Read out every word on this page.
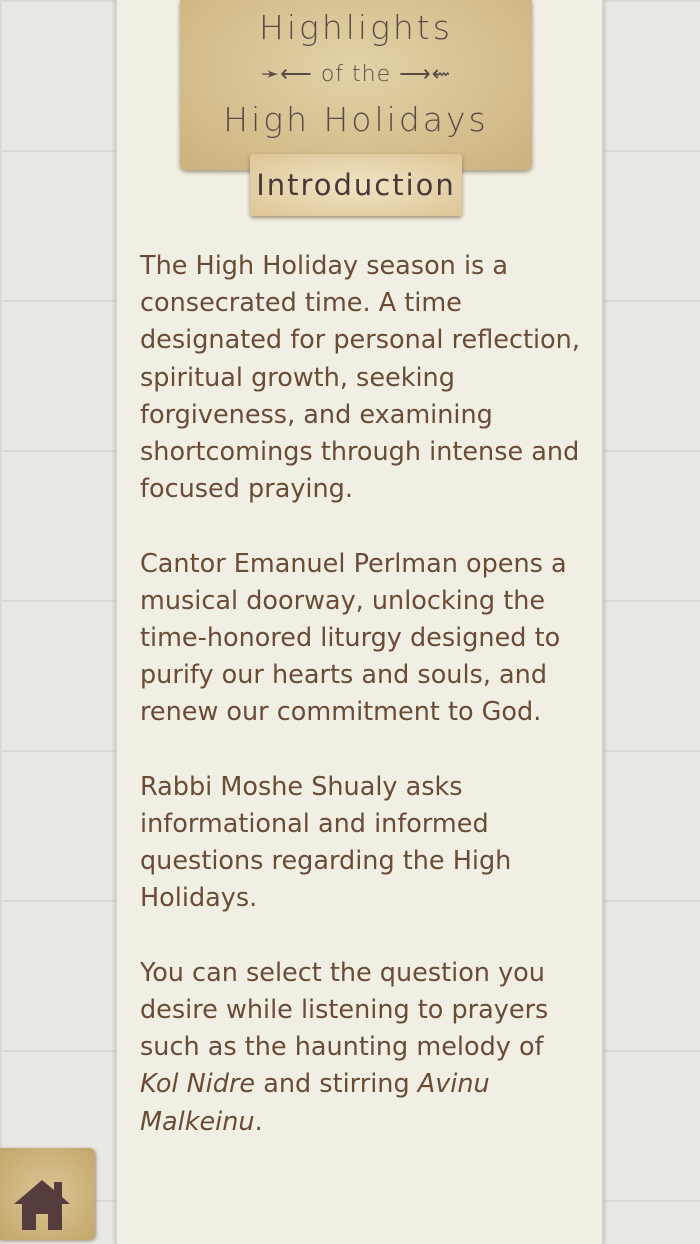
Highlights
➛⟵ of the ⟶⇜
High Holidays
Introduction

The High Holiday season is a consecrated time. A time designated for personal reflection, spiritual growth, seeking forgiveness, and examining shortcomings through intense and focused praying.

Cantor Emanuel Perlman opens a musical doorway, unlocking the time-honored liturgy designed to purify our hearts and souls, and renew our commitment to God.

Rabbi Moshe Shualy asks informational and informed questions regarding the High Holidays.

You can select the question you desire while listening to prayers such as the haunting melody of Kol Nidre and stirring Avinu Malkeinu.
